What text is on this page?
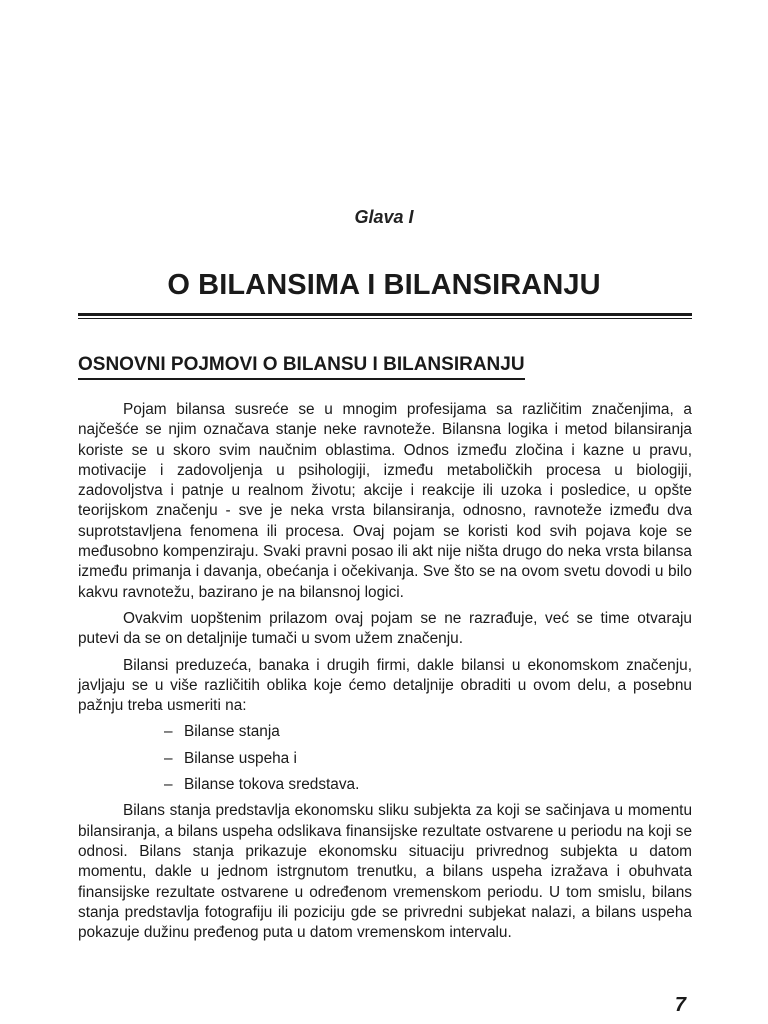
Glava I
O BILANSIMA I BILANSIRANJU
OSNOVNI POJMOVI O BILANSU I BILANSIRANJU

Pojam bilansa susreće se u mnogim profesijama sa različitim značenjima, a najčešće se njim označava stanje neke ravnoteže. Bilansna logika i metod bilansiranja koriste se u skoro svim naučnim oblastima. Odnos između zločina i kazne u pravu, motivacije i zadovoljenja u psihologiji, između metaboličkih procesa u biologiji, zadovoljstva i patnje u realnom životu; akcije i reakcije ili uzoka i posledice, u opšte teorijskom značenju - sve je neka vrsta bilansiranja, odnosno, ravnoteže između dva suprotstavljena fenomena ili procesa. Ovaj pojam se koristi kod svih pojava koje se međusobno kompenziraju. Svaki pravni posao ili akt nije ništa drugo do neka vrsta bilansa između primanja i davanja, obećanja i očekivanja. Sve što se na ovom svetu dovodi u bilo kakvu ravnotežu, bazirano je na bilansnoj logici.

Ovakvim uopštenim prilazom ovaj pojam se ne razrađuje, već se time otvaraju putevi da se on detaljnije tumači u svom užem značenju.

Bilansi preduzeća, banaka i drugih firmi, dakle bilansi u ekonomskom značenju, javljaju se u više različitih oblika koje ćemo detaljnije obraditi u ovom delu, a posebnu pažnju treba usmeriti na:

– Bilanse stanja
– Bilanse uspeha i
– Bilanse tokova sredstava.

Bilans stanja predstavlja ekonomsku sliku subjekta za koji se sačinjava u momentu bilansiranja, a bilans uspeha odslikava finansijske rezultate ostvarene u periodu na koji se odnosi. Bilans stanja prikazuje ekonomsku situaciju privrednog subjekta u datom momentu, dakle u jednom istrgnutom trenutku, a bilans uspeha izražava i obuhvata finansijske rezultate ostvarene u određenom vremenskom periodu. U tom smislu, bilans stanja predstavlja fotografiju ili poziciju gde se privredni subjekat nalazi, a bilans uspeha pokazuje dužinu pređenog puta u datom vremenskom intervalu.

7
